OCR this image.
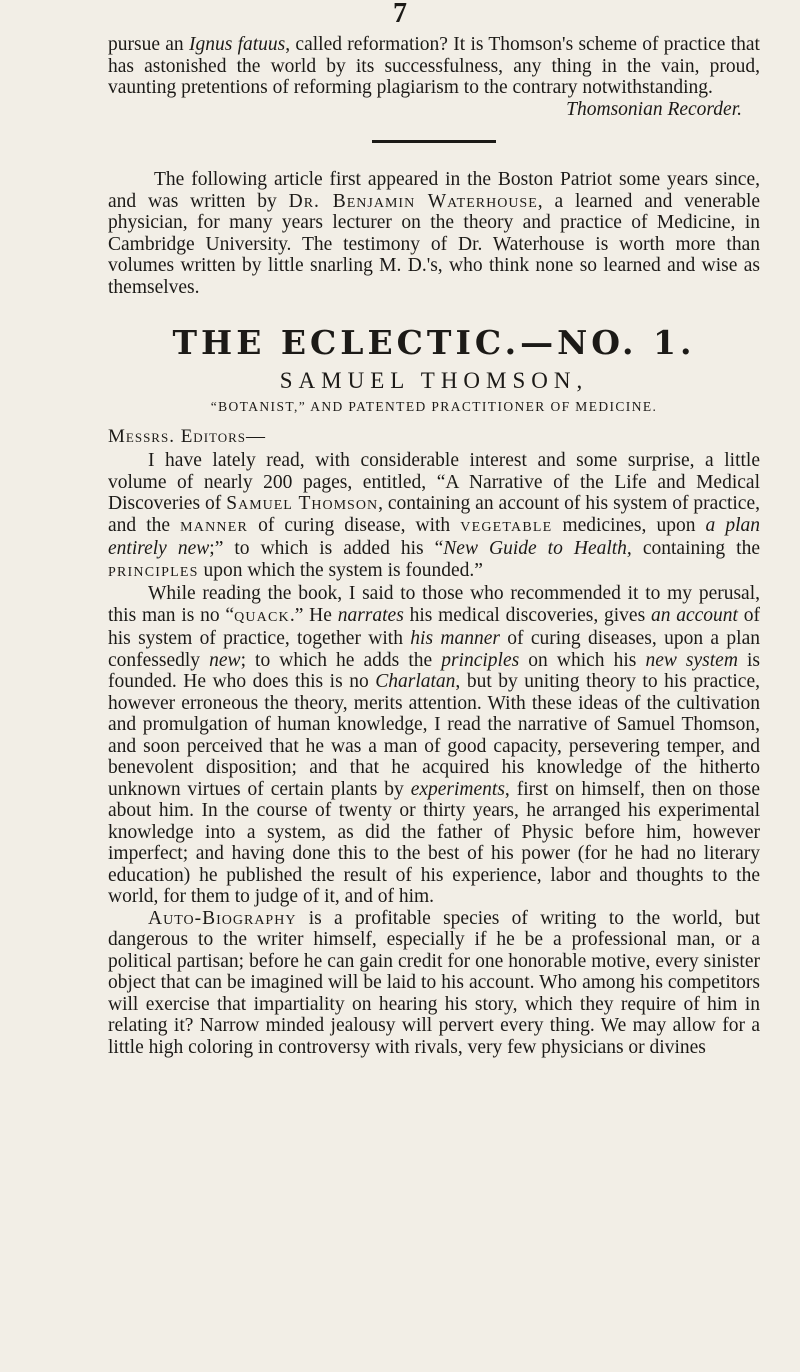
7

pursue an Ignus fatuus, called reformation? It is Thomson's scheme of practice that has astonished the world by its successfulness, any thing in the vain, proud, vaunting pretentions of reforming plagiarism to the contrary notwithstanding.

Thomsonian Recorder.

The following article first appeared in the Boston Patriot some years since, and was written by Dr. Benjamin Waterhouse, a learned and venerable physician, for many years lecturer on the theory and practice of Medicine, in Cambridge University. The testimony of Dr. Waterhouse is worth more than volumes written by little snarling M. D.'s, who think none so learned and wise as themselves.

THE ECLECTIC.—NO. 1.
SAMUEL THOMSON,
“BOTANIST,” AND PATENTED PRACTITIONER OF MEDICINE.
Messrs. Editors—

I have lately read, with considerable interest and some surprise, a little volume of nearly 200 pages, entitled, “A Narrative of the Life and Medical Discoveries of Samuel Thomson, containing an account of his system of practice, and the MANNER of curing disease, with VEGETABLE medicines, upon a plan entirely new;” to which is added his “New Guide to Health, containing the PRINCIPLES upon which the system is founded.”

While reading the book, I said to those who recommended it to my perusal, this man is no “QUACK.” He narrates his medical discoveries, gives an account of his system of practice, together with his manner of curing diseases, upon a plan confessedly new; to which he adds the principles on which his new system is founded. He who does this is no Charlatan, but by uniting theory to his practice, however erroneous the theory, merits attention. With these ideas of the cultivation and promulgation of human knowledge, I read the narrative of Samuel Thomson, and soon perceived that he was a man of good capacity, persevering temper, and benevolent disposition; and that he acquired his knowledge of the hitherto unknown virtues of certain plants by experiments, first on himself, then on those about him. In the course of twenty or thirty years, he arranged his experimental knowledge into a system, as did the father of Physic before him, however imperfect; and having done this to the best of his power (for he had no literary education) he published the result of his experience, labor and thoughts to the world, for them to judge of it, and of him.

Auto-Biography is a profitable species of writing to the world, but dangerous to the writer himself, especially if he be a professional man, or a political partisan; before he can gain credit for one honorable motive, every sinister object that can be imagined will be laid to his account. Who among his competitors will exercise that impartiality on hearing his story, which they require of him in relating it? Narrow minded jealousy will pervert every thing. We may allow for a little high coloring in controversy with rivals, very few physicians or divines
